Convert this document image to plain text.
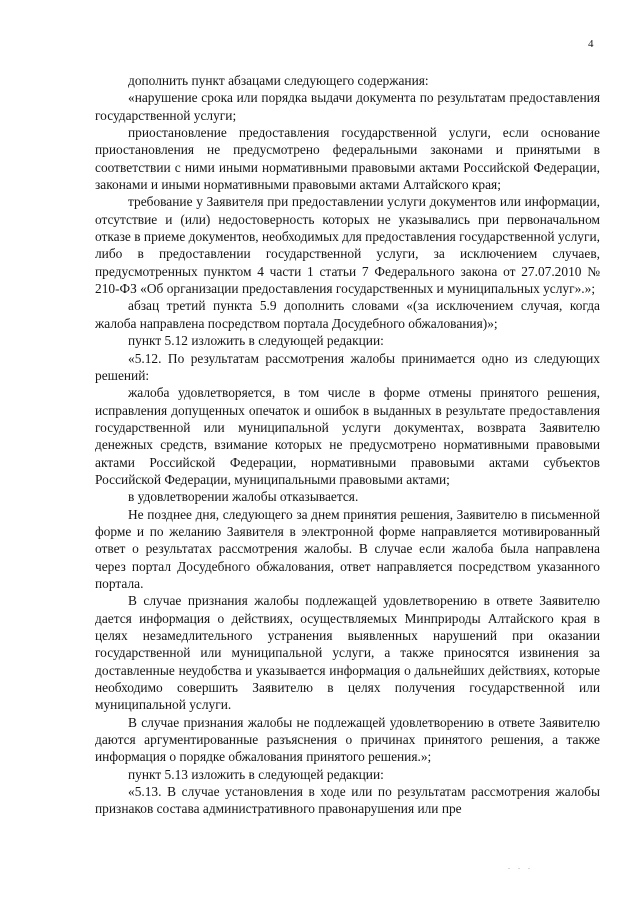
4

дополнить пункт абзацами следующего содержания:

«нарушение срока или порядка выдачи документа по результатам предоставления государственной услуги;

приостановление предоставления государственной услуги, если основание приостановления не предусмотрено федеральными законами и принятыми в соответствии с ними иными нормативными правовыми актами Российской Федерации, законами и иными нормативными правовыми актами Алтайского края;

требование у Заявителя при предоставлении услуги документов или информации, отсутствие и (или) недостоверность которых не указывались при первоначальном отказе в приеме документов, необходимых для предоставления государственной услуги, либо в предоставлении государственной услуги, за исключением случаев, предусмотренных пунктом 4 части 1 статьи 7 Федерального закона от 27.07.2010 № 210-ФЗ «Об организации предоставления государственных и муниципальных услуг».»;

абзац третий пункта 5.9 дополнить словами «(за исключением случая, когда жалоба направлена посредством портала Досудебного обжалования)»;

пункт 5.12 изложить в следующей редакции:

«5.12. По результатам рассмотрения жалобы принимается одно из следующих решений:

жалоба удовлетворяется, в том числе в форме отмены принятого решения, исправления допущенных опечаток и ошибок в выданных в результате предоставления государственной или муниципальной услуги документах, возврата Заявителю денежных средств, взимание которых не предусмотрено нормативными правовыми актами Российской Федерации, нормативными правовыми актами субъектов Российской Федерации, муниципальными правовыми актами;

в удовлетворении жалобы отказывается.

Не позднее дня, следующего за днем принятия решения, Заявителю в письменной форме и по желанию Заявителя в электронной форме направляется мотивированный ответ о результатах рассмотрения жалобы. В случае если жалоба была направлена через портал Досудебного обжалования, ответ направляется посредством указанного портала.

В случае признания жалобы подлежащей удовлетворению в ответе Заявителю дается информация о действиях, осуществляемых Минприроды Алтайского края в целях незамедлительного устранения выявленных нарушений при оказании государственной или муниципальной услуги, а также приносятся извинения за доставленные неудобства и указывается информация о дальнейших действиях, которые необходимо совершить Заявителю в целях получения государственной или муниципальной услуги.

В случае признания жалобы не подлежащей удовлетворению в ответе Заявителю даются аргументированные разъяснения о причинах принятого решения, а также информация о порядке обжалования принятого решения.»;

пункт 5.13 изложить в следующей редакции:

«5.13. В случае установления в ходе или по результатам рассмотрения жалобы признаков состава административного правонарушения или пре

. . .
